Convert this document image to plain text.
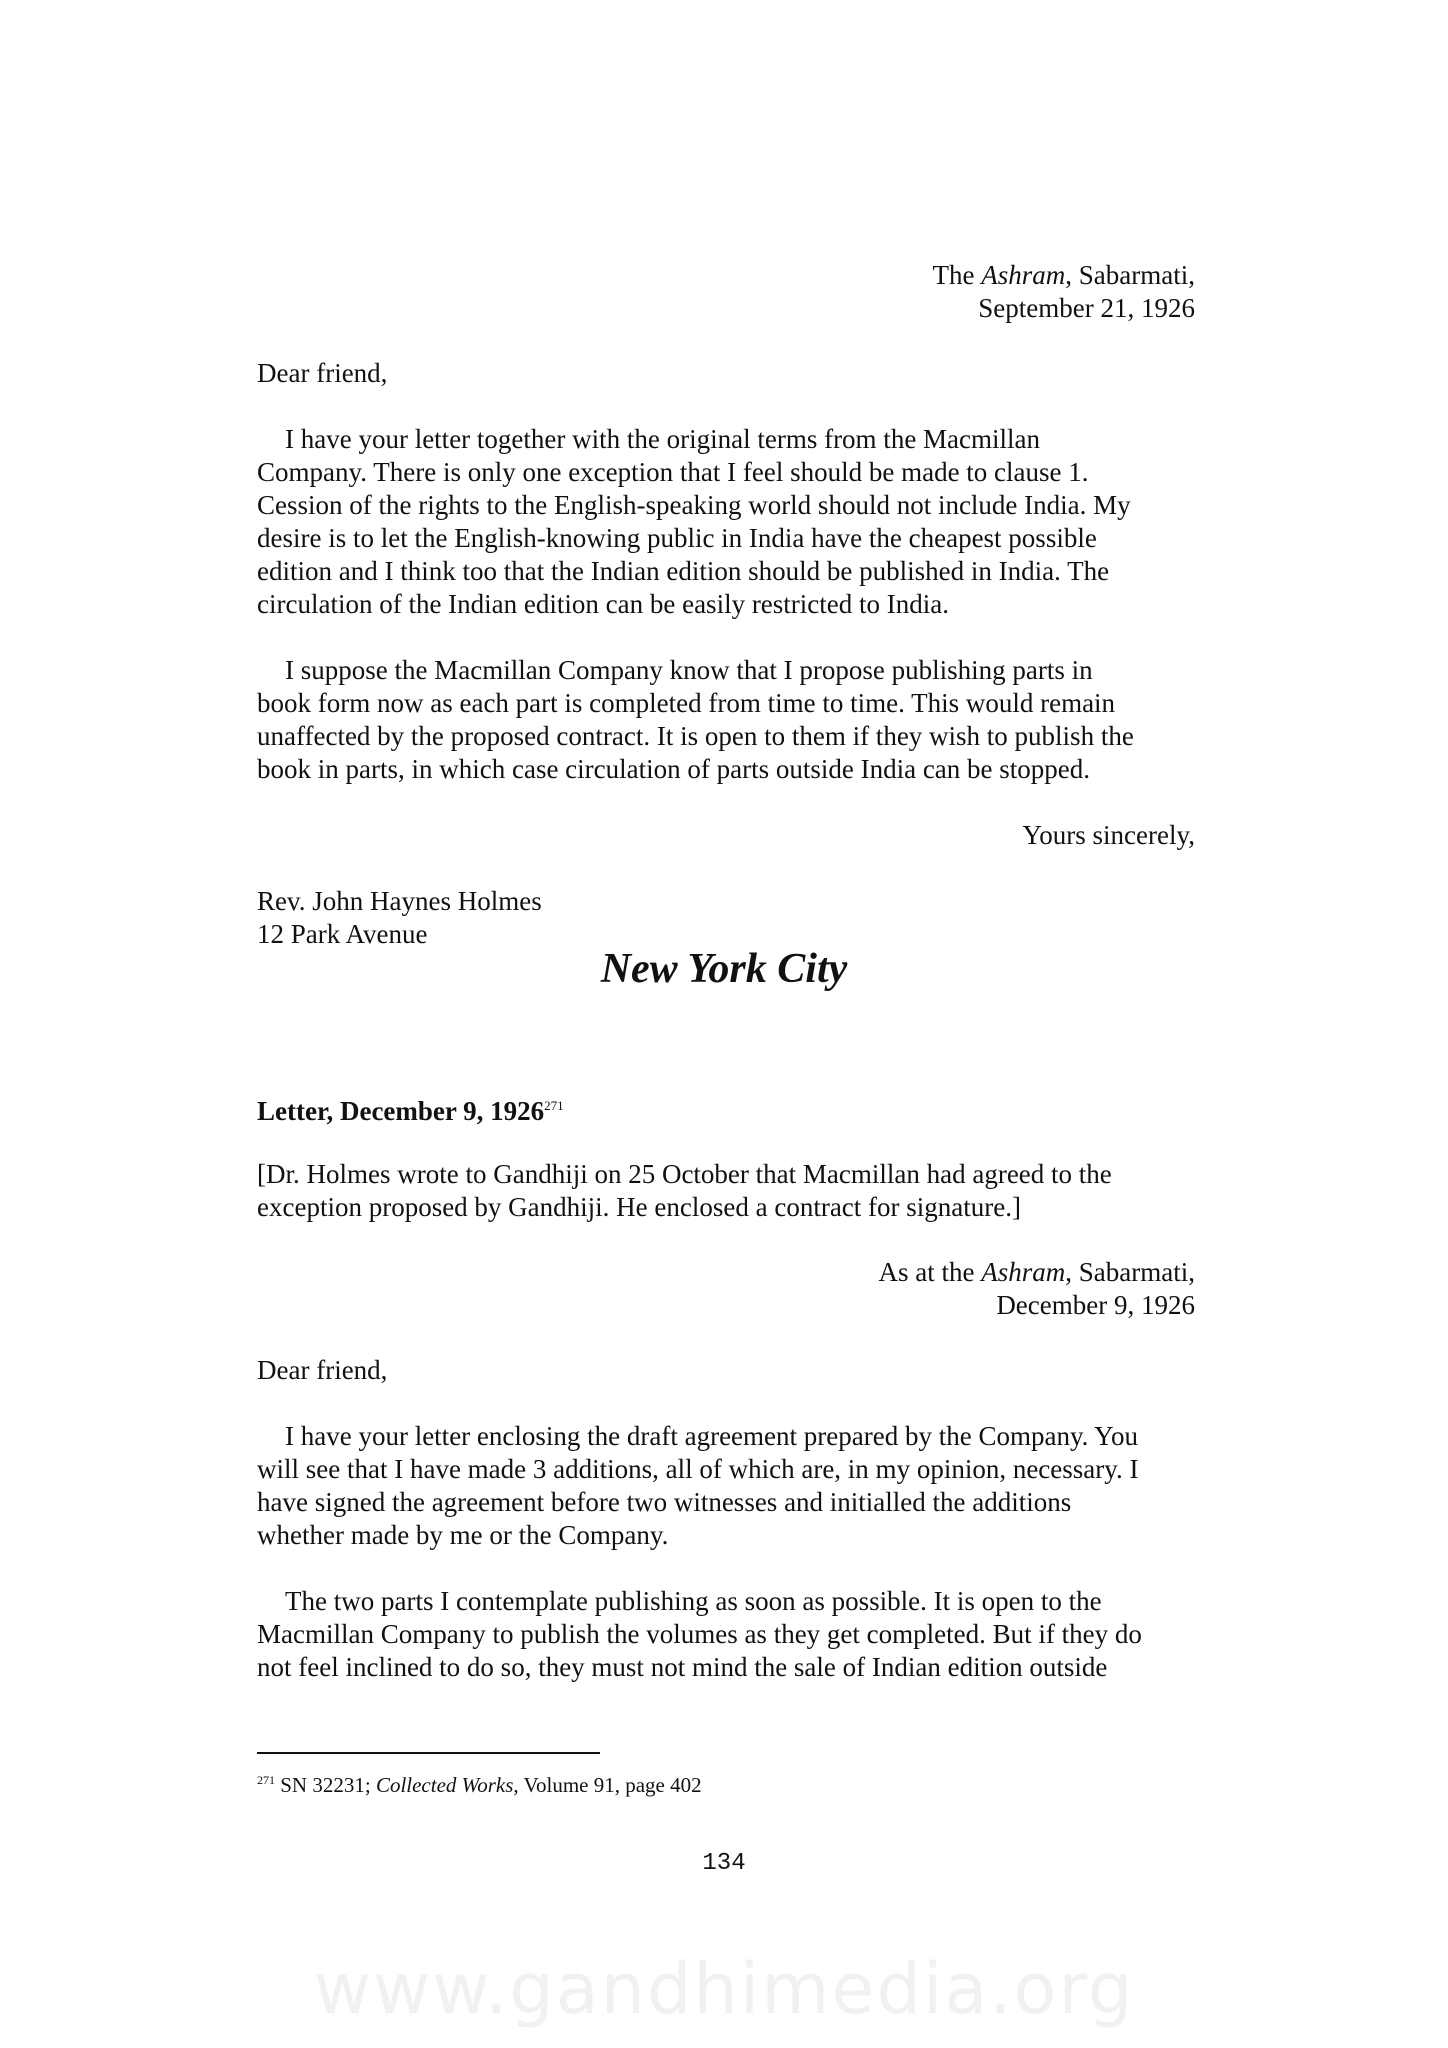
The Ashram, Sabarmati,
September 21, 1926
Dear friend,
I have your letter together with the original terms from the Macmillan
Company. There is only one exception that I feel should be made to clause 1.
Cession of the rights to the English-speaking world should not include India. My
desire is to let the English-knowing public in India have the cheapest possible
edition and I think too that the Indian edition should be published in India. The
circulation of the Indian edition can be easily restricted to India.
I suppose the Macmillan Company know that I propose publishing parts in
book form now as each part is completed from time to time. This would remain
unaffected by the proposed contract. It is open to them if they wish to publish the
book in parts, in which case circulation of parts outside India can be stopped.
Yours sincerely,
Rev. John Haynes Holmes
12 Park Avenue
New York City
Letter, December 9, 1926$^{271}$
[Dr. Holmes wrote to Gandhiji on 25 October that Macmillan had agreed to the
exception proposed by Gandhiji. He enclosed a contract for signature.]
As at the Ashram, Sabarmati,
December 9, 1926
Dear friend,
I have your letter enclosing the draft agreement prepared by the Company. You
will see that I have made 3 additions, all of which are, in my opinion, necessary. I
have signed the agreement before two witnesses and initialled the additions
whether made by me or the Company.
The two parts I contemplate publishing as soon as possible. It is open to the
Macmillan Company to publish the volumes as they get completed. But if they do
not feel inclined to do so, they must not mind the sale of Indian edition outside
$^{271}$ SN 32231; Collected Works, Volume 91, page 402
134
www.gandhimedia.org
